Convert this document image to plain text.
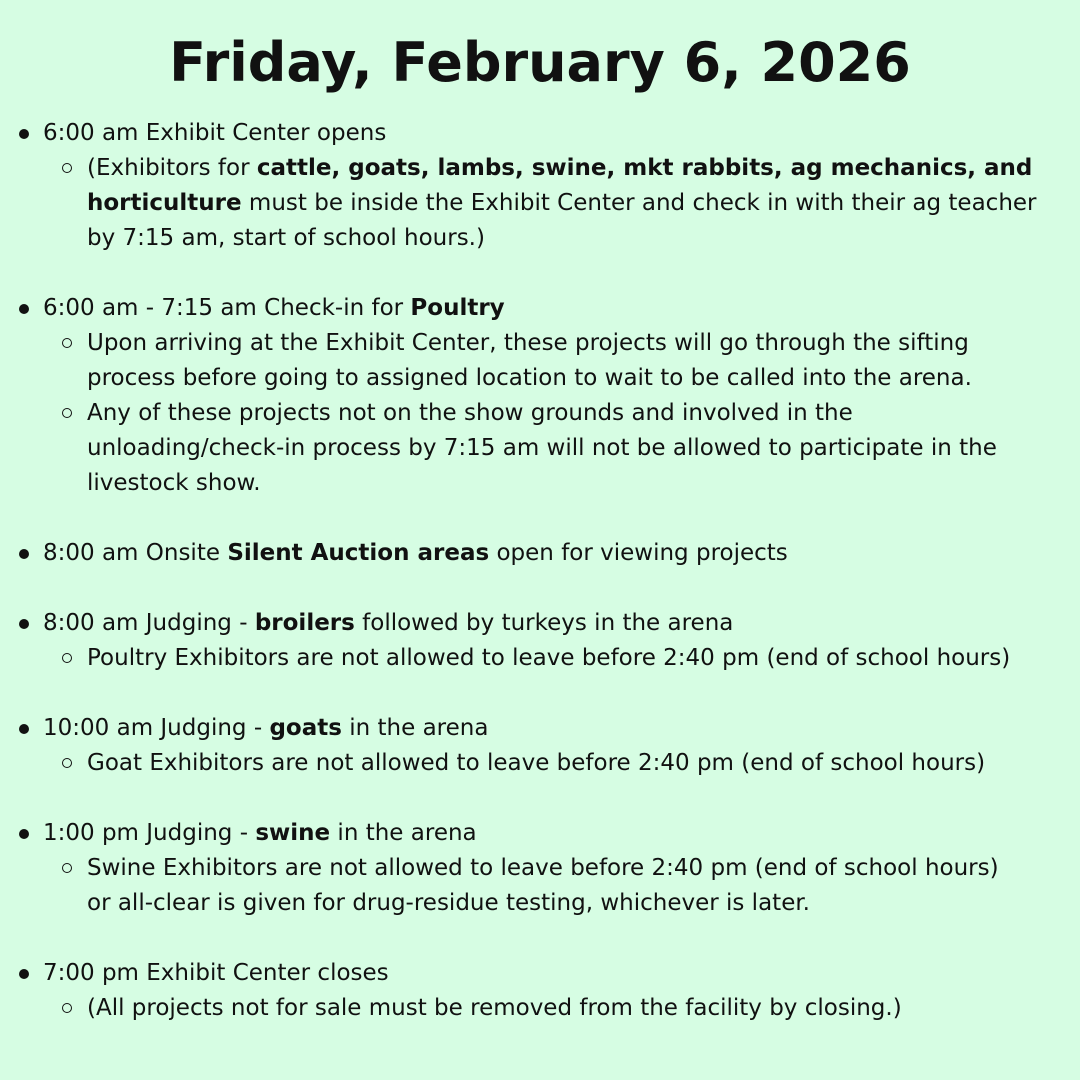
Friday, February 6, 2026
6:00 am Exhibit Center opens
(Exhibitors for cattle, goats, lambs, swine, mkt rabbits, ag mechanics, and
horticulture must be inside the Exhibit Center and check in with their ag teacher
by 7:15 am, start of school hours.)
6:00 am - 7:15 am Check-in for Poultry
Upon arriving at the Exhibit Center, these projects will go through the sifting
process before going to assigned location to wait to be called into the arena.
Any of these projects not on the show grounds and involved in the
unloading/check-in process by 7:15 am will not be allowed to participate in the
livestock show.
8:00 am Onsite Silent Auction areas open for viewing projects
8:00 am Judging - broilers followed by turkeys in the arena
Poultry Exhibitors are not allowed to leave before 2:40 pm (end of school hours)
10:00 am Judging - goats in the arena
Goat Exhibitors are not allowed to leave before 2:40 pm (end of school hours)
1:00 pm Judging - swine in the arena
Swine Exhibitors are not allowed to leave before 2:40 pm (end of school hours)
or all-clear is given for drug-residue testing, whichever is later.
7:00 pm Exhibit Center closes
(All projects not for sale must be removed from the facility by closing.)
